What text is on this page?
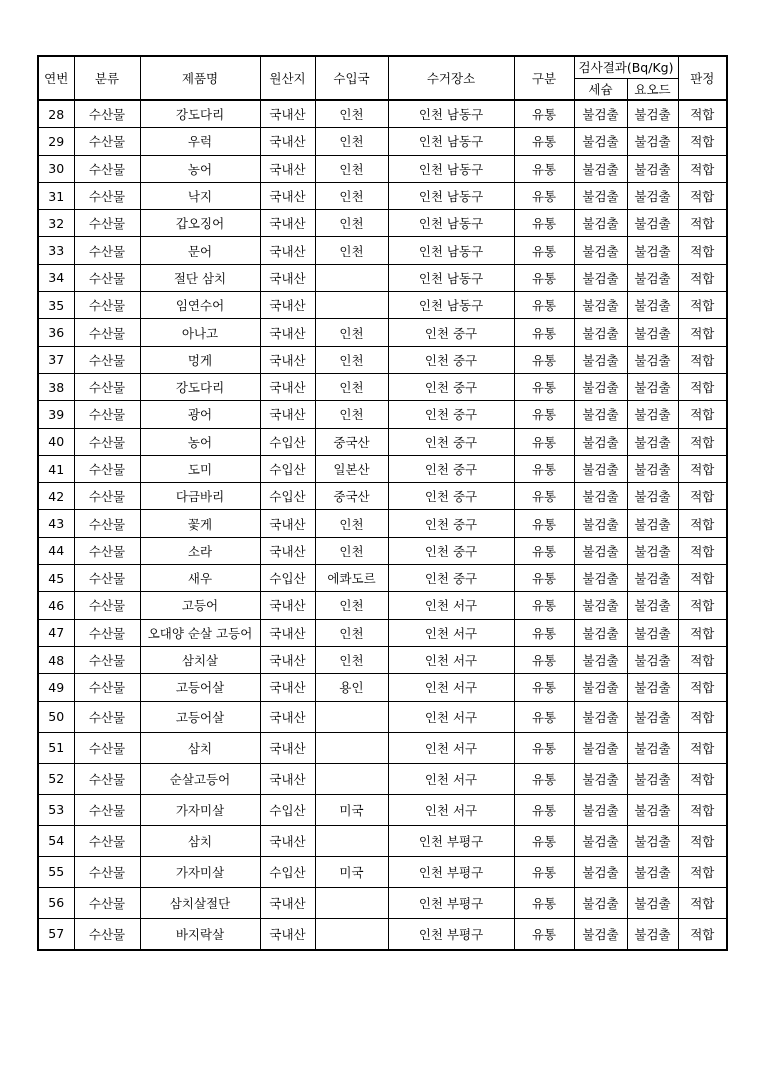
연번	분류	제품명	원산지	수입국	수거장소	구분	검사결과(Bq/Kg)		판정
							세슘	요오드	
28	수산물	강도다리	국내산	인천	인천 남동구	유통	불검출	불검출	적합
29	수산물	우럭	국내산	인천	인천 남동구	유통	불검출	불검출	적합
30	수산물	농어	국내산	인천	인천 남동구	유통	불검출	불검출	적합
31	수산물	낙지	국내산	인천	인천 남동구	유통	불검출	불검출	적합
32	수산물	갑오징어	국내산	인천	인천 남동구	유통	불검출	불검출	적합
33	수산물	문어	국내산	인천	인천 남동구	유통	불검출	불검출	적합
34	수산물	절단 삼치	국내산		인천 남동구	유통	불검출	불검출	적합
35	수산물	임연수어	국내산		인천 남동구	유통	불검출	불검출	적합
36	수산물	아나고	국내산	인천	인천 중구	유통	불검출	불검출	적합
37	수산물	멍게	국내산	인천	인천 중구	유통	불검출	불검출	적합
38	수산물	강도다리	국내산	인천	인천 중구	유통	불검출	불검출	적합
39	수산물	광어	국내산	인천	인천 중구	유통	불검출	불검출	적합
40	수산물	농어	수입산	중국산	인천 중구	유통	불검출	불검출	적합
41	수산물	도미	수입산	일본산	인천 중구	유통	불검출	불검출	적합
42	수산물	다금바리	수입산	중국산	인천 중구	유통	불검출	불검출	적합
43	수산물	꽃게	국내산	인천	인천 중구	유통	불검출	불검출	적합
44	수산물	소라	국내산	인천	인천 중구	유통	불검출	불검출	적합
45	수산물	새우	수입산	에콰도르	인천 중구	유통	불검출	불검출	적합
46	수산물	고등어	국내산	인천	인천 서구	유통	불검출	불검출	적합
47	수산물	오대양 순살 고등어	국내산	인천	인천 서구	유통	불검출	불검출	적합
48	수산물	삼치살	국내산	인천	인천 서구	유통	불검출	불검출	적합
49	수산물	고등어살	국내산	용인	인천 서구	유통	불검출	불검출	적합
50	수산물	고등어살	국내산		인천 서구	유통	불검출	불검출	적합
51	수산물	삼치	국내산		인천 서구	유통	불검출	불검출	적합
52	수산물	순살고등어	국내산		인천 서구	유통	불검출	불검출	적합
53	수산물	가자미살	수입산	미국	인천 서구	유통	불검출	불검출	적합
54	수산물	삼치	국내산		인천 부평구	유통	불검출	불검출	적합
55	수산물	가자미살	수입산	미국	인천 부평구	유통	불검출	불검출	적합
56	수산물	삼치살절단	국내산		인천 부평구	유통	불검출	불검출	적합
57	수산물	바지락살	국내산		인천 부평구	유통	불검출	불검출	적합
